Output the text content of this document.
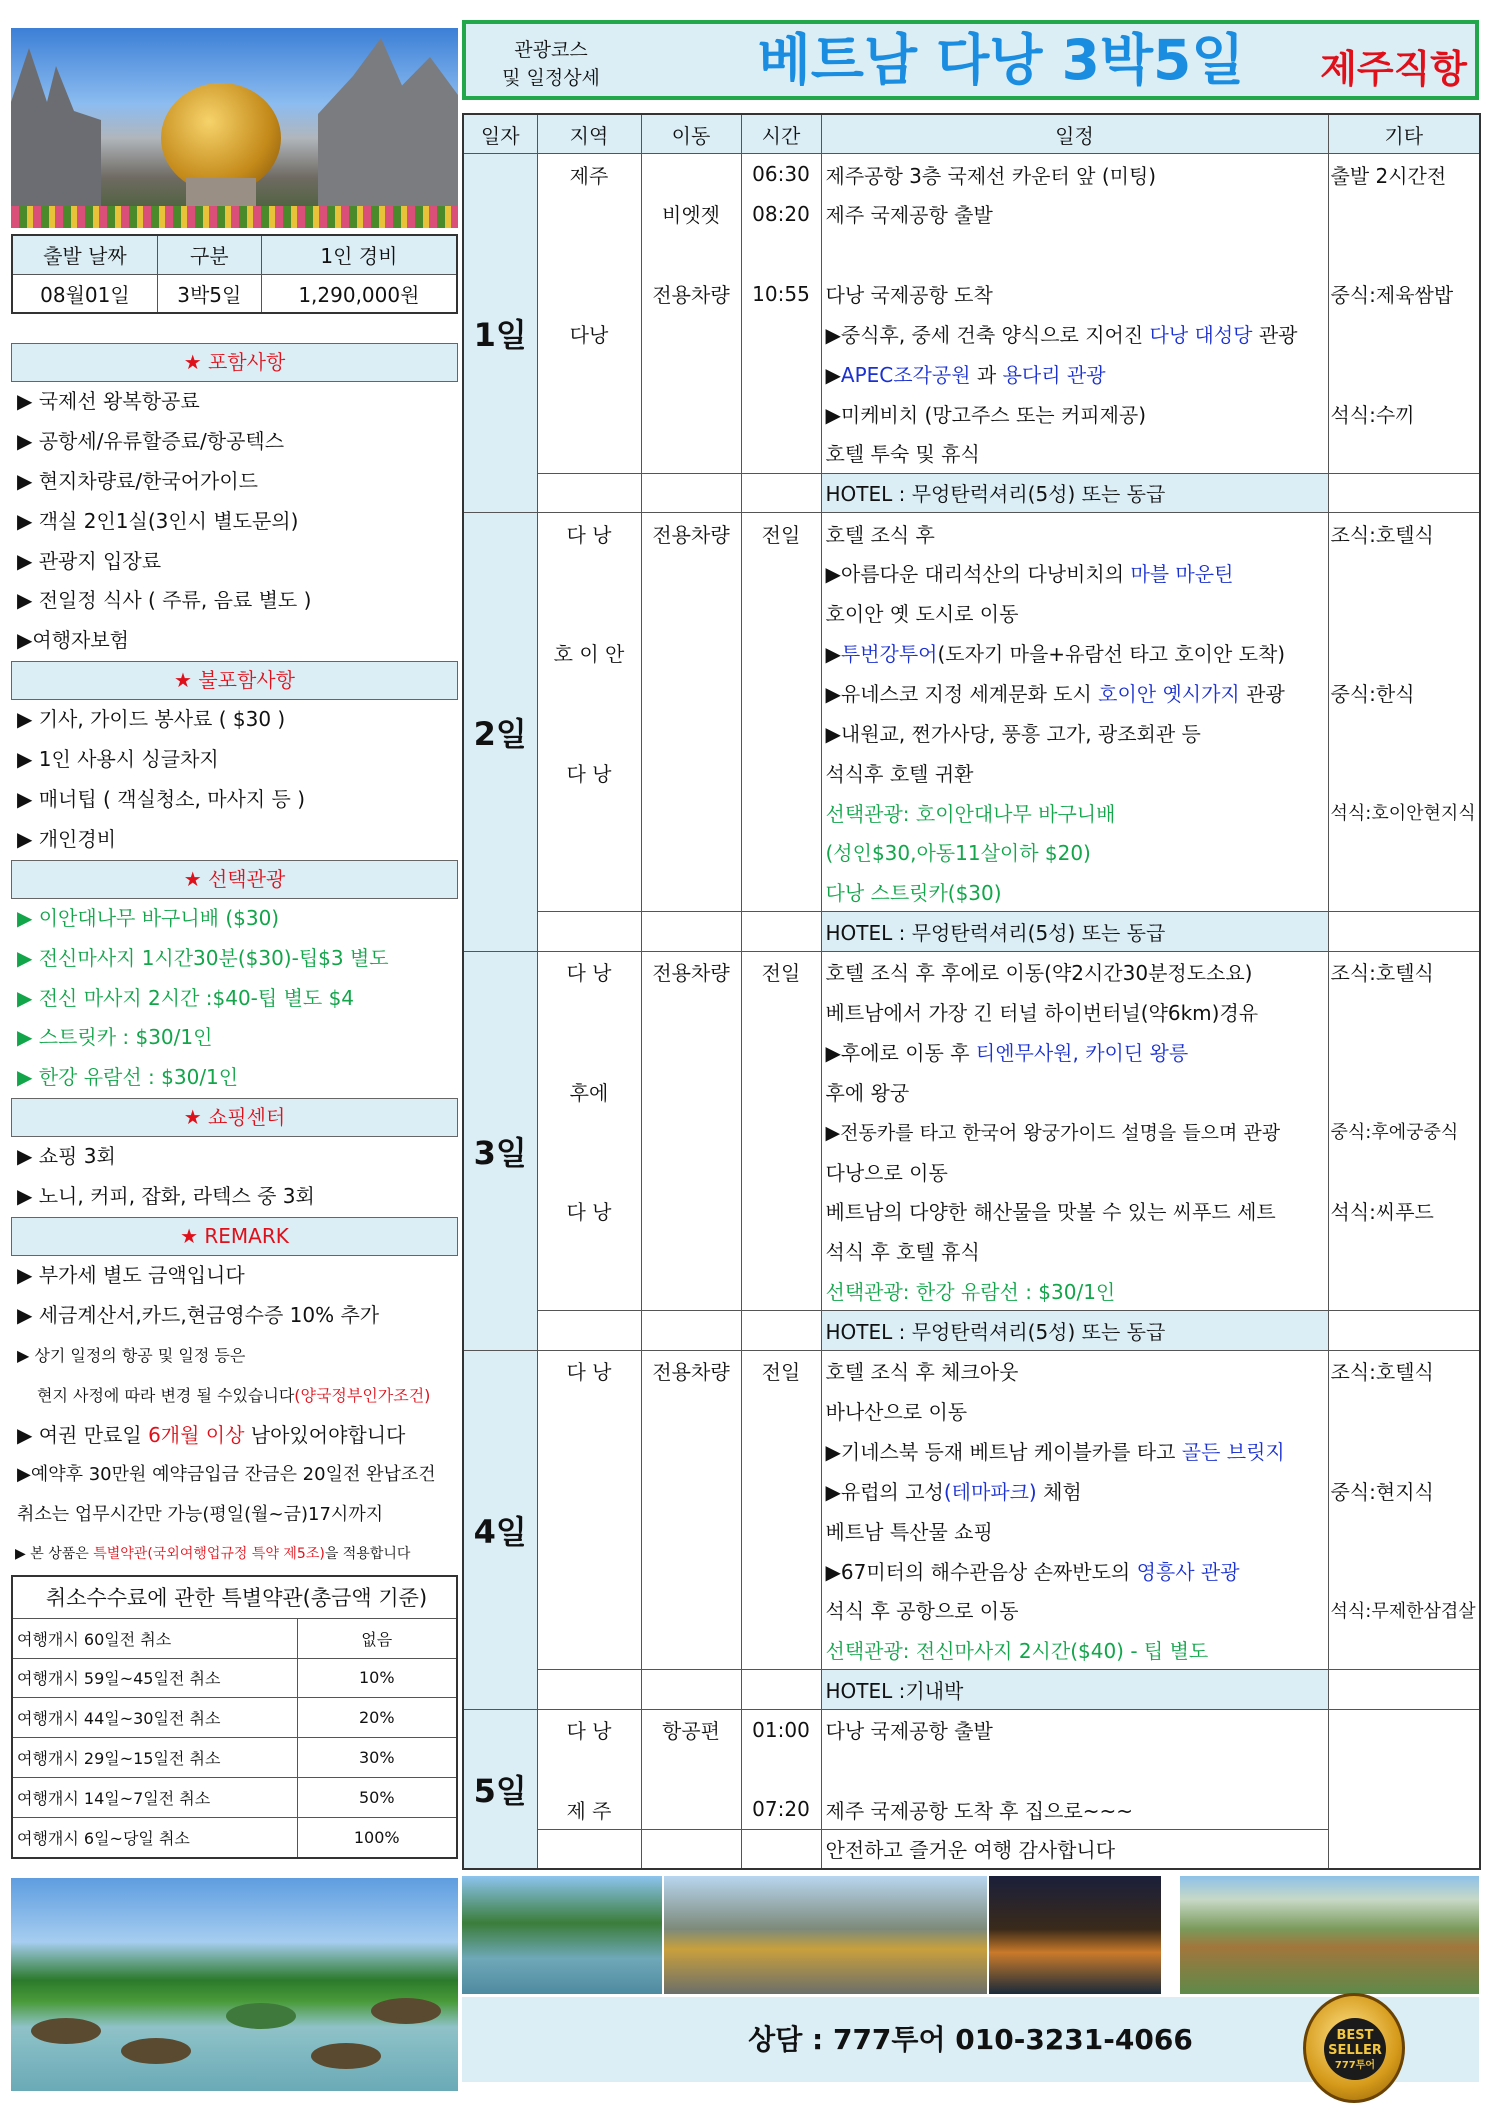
출발 날짜	구분	1인 경비
08월01일	3박5일	1,290,000원
★ 포함사항
▶ 국제선 왕복항공료
▶ 공항세/유류할증료/항공텍스
▶ 현지차량료/한국어가이드
▶ 객실 2인1실(3인시 별도문의)
▶ 관광지 입장료
▶ 전일정 식사 ( 주류, 음료 별도 )
▶여행자보험
★ 불포함사항
▶ 기사, 가이드 봉사료 ( $30 )
▶ 1인 사용시 싱글차지
▶ 매너팁 ( 객실청소, 마사지 등 )
▶ 개인경비
★ 선택관광
▶ 이안대나무 바구니배 ($30)
▶ 전신마사지 1시간30분($30)-팁$3 별도
▶ 전신 마사지 2시간 :$40-팁 별도 $4
▶ 스트릿카 : $30/1인
▶ 한강 유람선 : $30/1인
★ 쇼핑센터
▶ 쇼핑 3회
▶ 노니, 커피, 잡화, 라텍스 중 3회
★ REMARK
▶ 부가세 별도 금액입니다
▶ 세금계산서,카드,현금영수증 10% 추가
▶ 상기 일정의 항공 및 일정 등은
현지 사정에 따라 변경 될 수있습니다(양국정부인가조건)
▶ 여권 만료일 6개월 이상 남아있어야합니다
▶예약후 30만원 예약금입금 잔금은 20일전 완납조건
취소는 업무시간만 가능(평일(월~금)17시까지
▶ 본 상품은 특별약관(국외여행업규정 특약 제5조)을 적용합니다
취소수수료에 관한 특별약관(총금액 기준)	
여행개시 60일전 취소	없음
여행개시 59일~45일전 취소	10%
여행개시 44일~30일전 취소	20%
여행개시 29일~15일전 취소	30%
여행개시 14일~7일전 취소	50%
여행개시 6일~당일 취소	100%
관광코스
및 일정상세	베트남 다낭 3박5일	제주직항
일자	지역	이동	시간	일정	기타
1일	제주		06:30	제주공항 3층 국제선 카운터 앞 (미팅)	출발 2시간전
		비엣젯	08:20	제주 국제공항 출발	

		전용차량	10:55	다낭 국제공항 도착	중식:제육쌈밥
	다낭			▶중식후, 중세 건축 양식으로 지어진 다낭 대성당 관광	
				▶APEC조각공원 과 용다리 관광	
				▶미케비치 (망고주스 또는 커피제공)	석식:수끼
				호텔 투숙 및 휴식	
				HOTEL : 무엉탄럭셔리(5성) 또는 동급	
2일	다 낭	전용차량	전일	호텔 조식 후	조식:호텔식
				▶아름다운 대리석산의 다낭비치의 마블 마운틴	
				호이안 옛 도시로 이동	
	호 이 안			▶투번강투어(도자기 마을+유람선 타고 호이안 도착)	
				▶유네스코 지정 세계문화 도시 호이안 옛시가지 관광	중식:한식
				▶내원교, 쩐가사당, 풍흥 고가, 광조회관 등	
	다 낭			석식후 호텔 귀환	
				선택관광: 호이안대나무 바구니배	석식:호이안현지식
				(성인$30,아동11살이하 $20)	
				다낭 스트릿카($30)	
				HOTEL : 무엉탄럭셔리(5성) 또는 동급	
3일	다 낭	전용차량	전일	호텔 조식 후 후에로 이동(약2시간30분정도소요)	조식:호텔식
				베트남에서 가장 긴 터널 하이번터널(약6km)경유	
				▶후에로 이동 후 티엔무사원, 카이딘 왕릉	
	후에			후에 왕궁	
				▶전동카를 타고 한국어 왕궁가이드 설명을 들으며 관광	중식:후에궁중식
				다낭으로 이동	
	다 낭			베트남의 다양한 해산물을 맛볼 수 있는 씨푸드 세트	석식:씨푸드
				석식 후 호텔 휴식	
				선택관광: 한강 유람선 : $30/1인	
				HOTEL : 무엉탄럭셔리(5성) 또는 동급	
4일	다 낭	전용차량	전일	호텔 조식 후 체크아웃	조식:호텔식
				바나산으로 이동	
				▶기네스북 등재 베트남 케이블카를 타고 골든 브릿지	
				▶유럽의 고성(테마파크) 체험	중식:현지식
				베트남 특산물 쇼핑	
				▶67미터의 해수관음상 손짜반도의 영흥사 관광	
				석식 후 공항으로 이동	석식:무제한삼겹살
				선택관광: 전신마사지 2시간($40) - 팁 별도	
				HOTEL :기내박	
5일	다 낭	항공편	01:00	다낭 국제공항 출발	

	제 주		07:20	제주 국제공항 도착 후 집으로~~~	
				안전하고 즐거운 여행 감사합니다	
상담 : 777투어 010-3231-4066	BEST
SELLER
777투어
